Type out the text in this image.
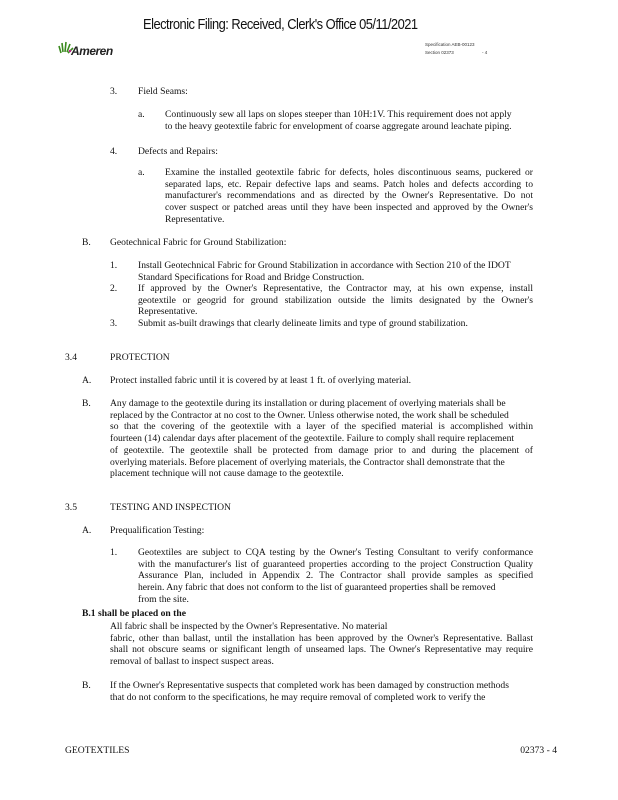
Electronic Filing: Received, Clerk's Office 05/11/2021
Ameren	Specification AEB-00123
Section 02373	- 4
3. Field Seams:
a. Continuously sew all laps on slopes steeper than 10H:1V. This requirement does not apply
to the heavy geotextile fabric for envelopment of coarse aggregate around leachate piping.
4. Defects and Repairs:
a. Examine the installed geotextile fabric for defects, holes discontinuous seams, puckered or
separated laps, etc. Repair defective laps and seams. Patch holes and defects according to
manufacturer's recommendations and as directed by the Owner's Representative. Do not
cover suspect or patched areas until they have been inspected and approved by the Owner's
Representative.
B. Geotechnical Fabric for Ground Stabilization:
1. Install Geotechnical Fabric for Ground Stabilization in accordance with Section 210 of the IDOT
Standard Specifications for Road and Bridge Construction.
2. If approved by the Owner's Representative, the Contractor may, at his own expense, install
geotextile or geogrid for ground stabilization outside the limits designated by the Owner's
Representative.
3. Submit as-built drawings that clearly delineate limits and type of ground stabilization.
3.4	PROTECTION
A. Protect installed fabric until it is covered by at least 1 ft. of overlying material.
B. Any damage to the geotextile during its installation or during placement of overlying materials shall be
replaced by the Contractor at no cost to the Owner. Unless otherwise noted, the work shall be scheduled
so that the covering of the geotextile with a layer of the specified material is accomplished within
fourteen (14) calendar days after placement of the geotextile. Failure to comply shall require replacement
of geotextile. The geotextile shall be protected from damage prior to and during the placement of
overlying materials. Before placement of overlying materials, the Contractor shall demonstrate that the
placement technique will not cause damage to the geotextile.
3.5	TESTING AND INSPECTION
A. Prequalification Testing:
1. Geotextiles are subject to CQA testing by the Owner's Testing Consultant to verify conformance
with the manufacturer's list of guaranteed properties according to the project Construction Quality
Assurance Plan, included in Appendix 2. The Contractor shall provide samples as specified
herein. Any fabric that does not conform to the list of guaranteed properties shall be removed
from the site.
B.1 shall be placed on the
All fabric shall be inspected by the Owner's Representative. No material
fabric, other than ballast, until the installation has been approved by the Owner's Representative. Ballast
shall not obscure seams or significant length of unseamed laps. The Owner's Representative may require
removal of ballast to inspect suspect areas.
B. If the Owner's Representative suspects that completed work has been damaged by construction methods
that do not conform to the specifications, he may require removal of completed work to verify the
GEOTEXTILES	02373 - 4
